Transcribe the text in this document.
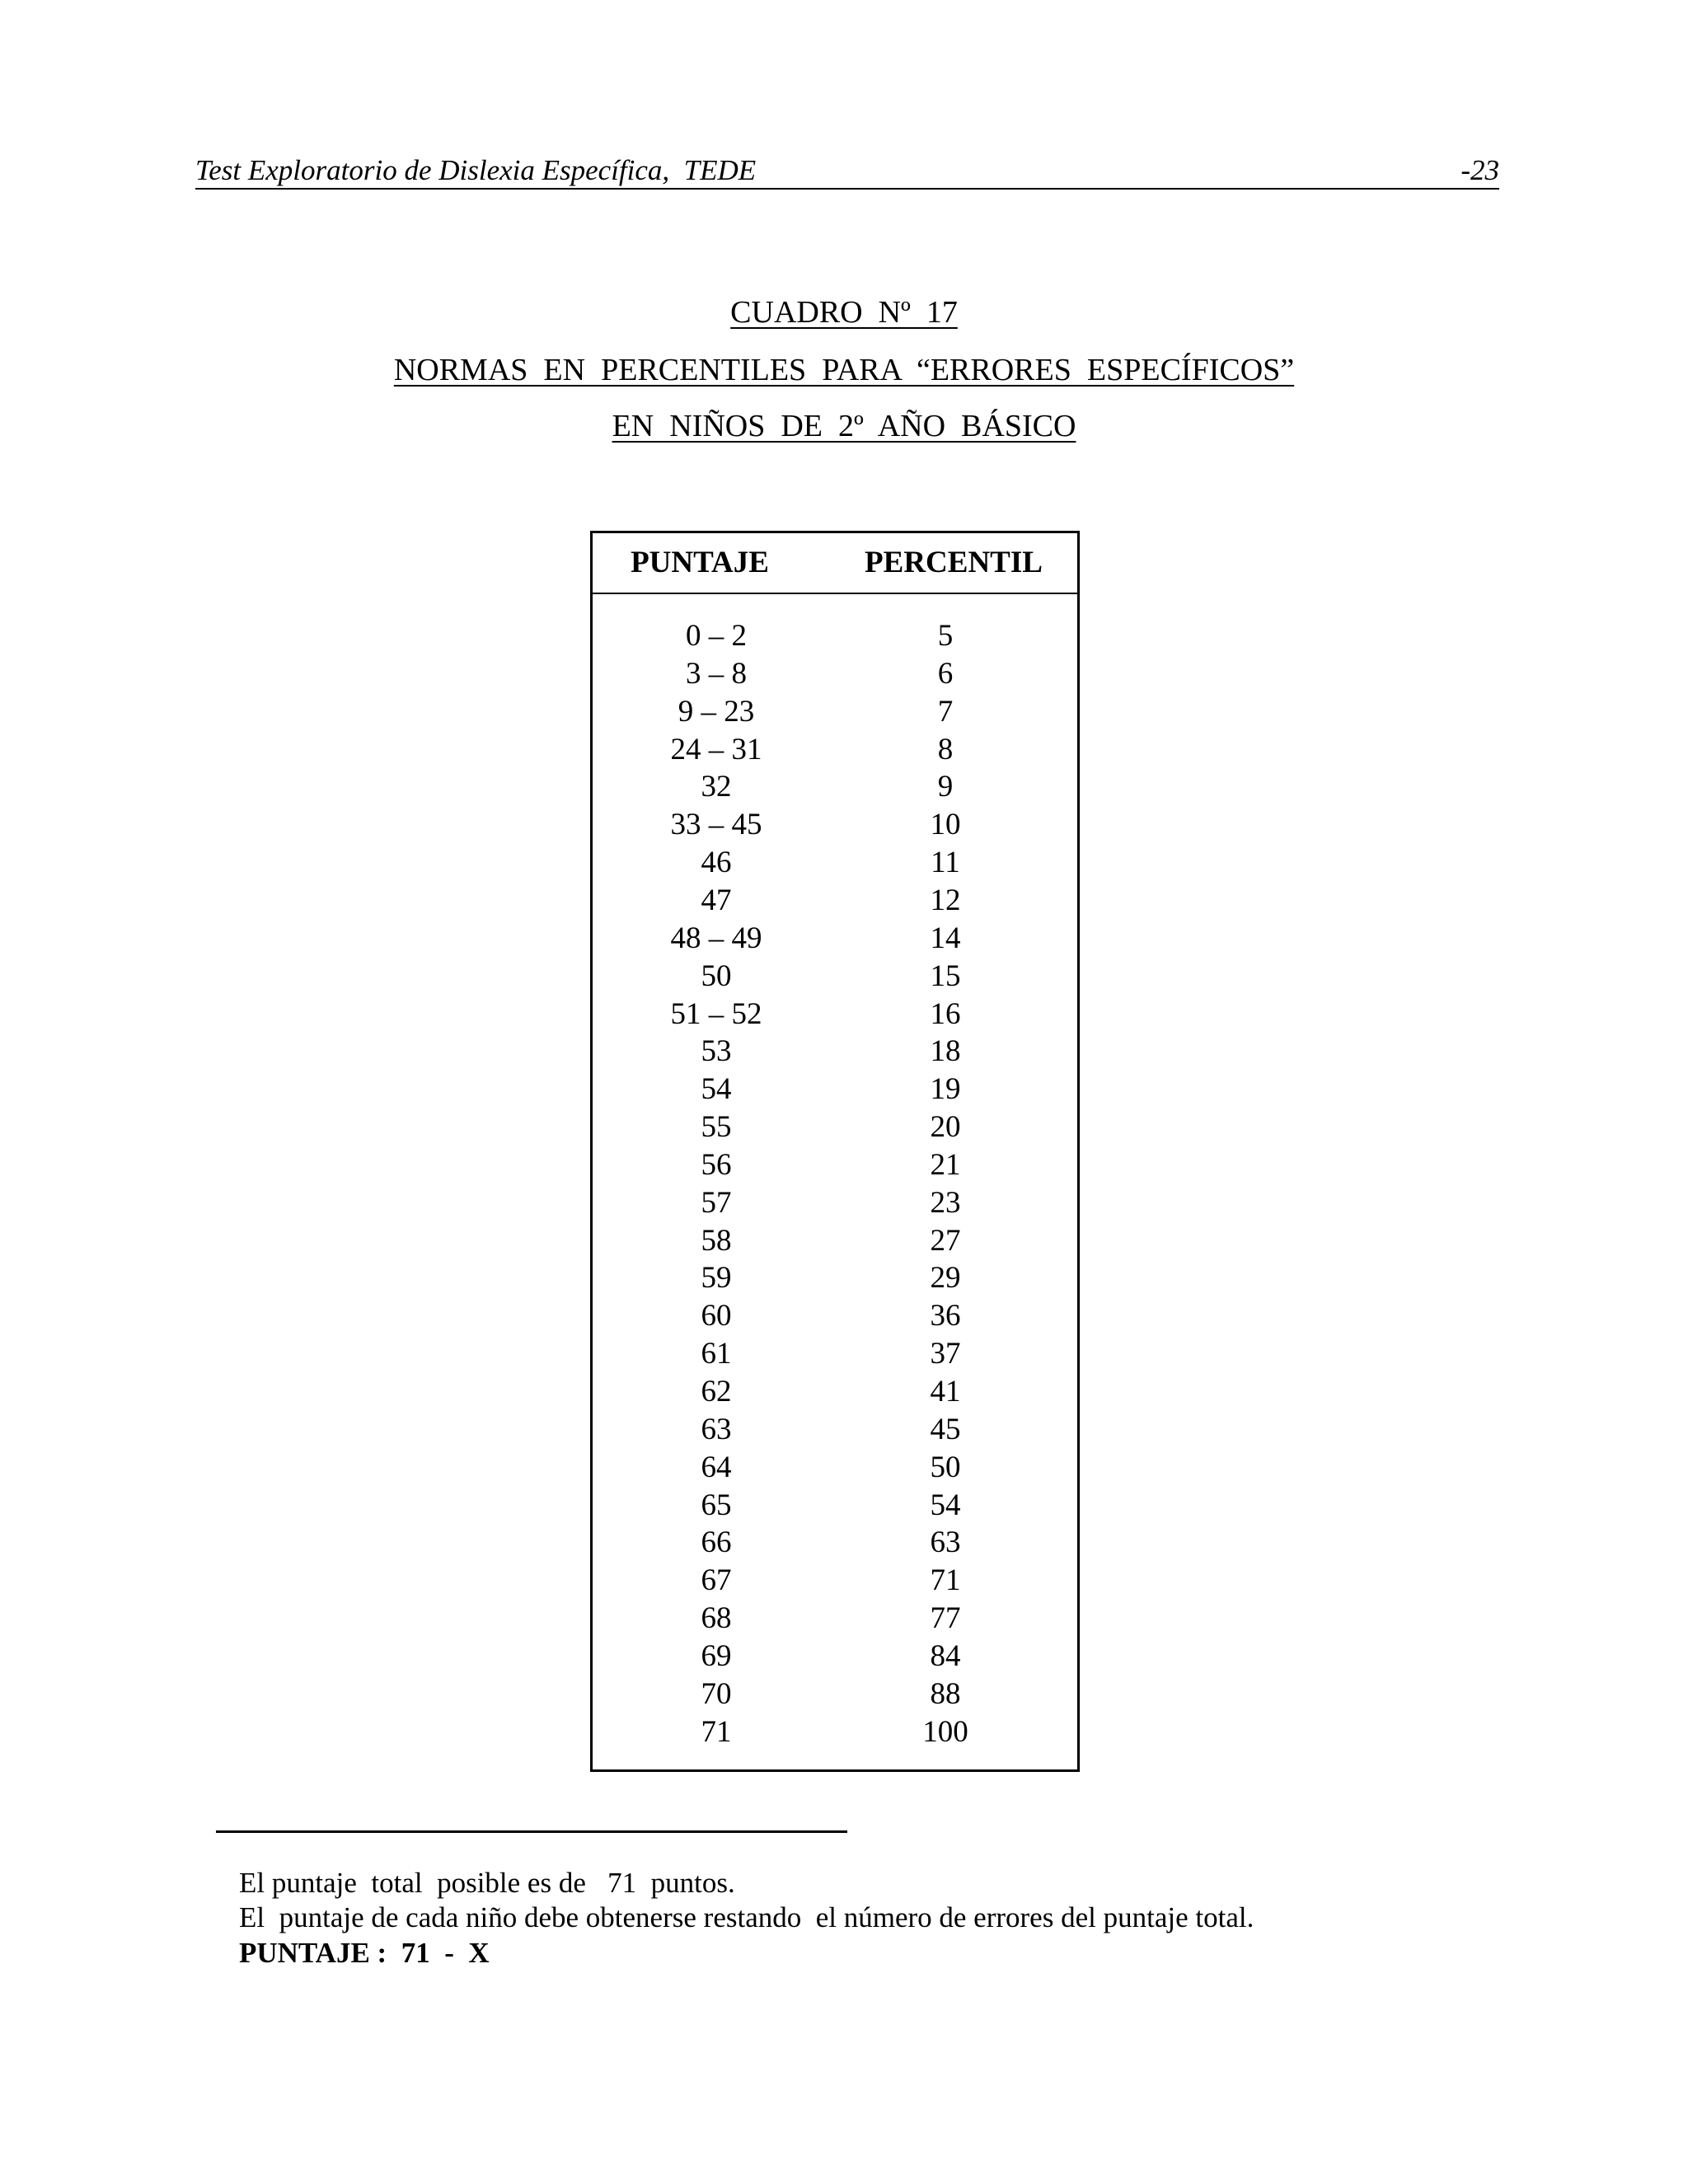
Test Exploratorio de Dislexia Específica,  TEDE	-23
CUADRO  Nº  17
NORMAS  EN  PERCENTILES  PARA  “ERRORES  ESPECÍFICOS”
EN  NIÑOS  DE  2º  AÑO  BÁSICO
PUNTAJE	PERCENTIL
0 – 2	5
3 – 8	6
9 – 23	7
24 – 31	8
32	9
33 – 45	10
46	11
47	12
48 – 49	14
50	15
51 – 52	16
53	18
54	19
55	20
56	21
57	23
58	27
59	29
60	36
61	37
62	41
63	45
64	50
65	54
66	63
67	71
68	77
69	84
70	88
71	100
El puntaje  total  posible es de   71  puntos.
El  puntaje de cada niño debe obtenerse restando  el número de errores del puntaje total.
PUNTAJE :  71  -  X
